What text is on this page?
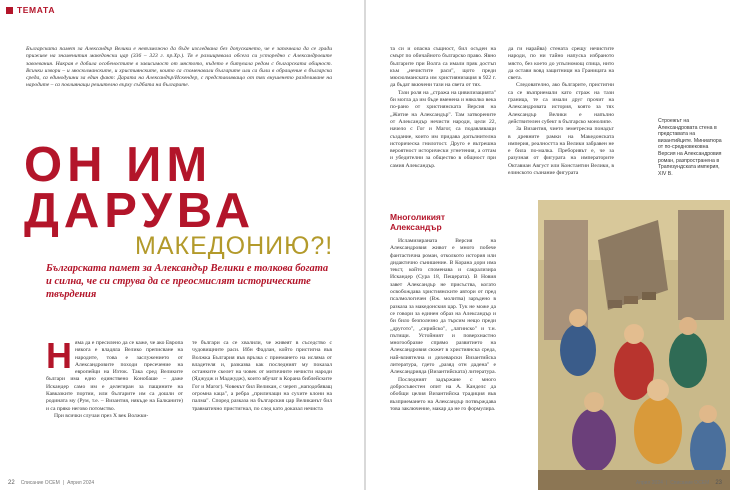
ТЕМАТА

Българската памет за Александър Велики е невъзможно да бъде изследвана без допускането, че е започнала да се гради приживе на знаменития македонски цар (336 – 323 г. пр.Хр.). Тя е разширявала обсега си усторедно с Александровите завоевания. Накрая е добила особеностите в зависимост от мястото, където е битувала редом с българската общност. Всички извори – и мюсюлманските, и християнските, които са споменавали българите или са били в обращение в българска среда, са единодушни за един факт: Дарата на Александър/Искендер, с представляващо от тях внушенето разделиване на народите – са повлиянащи решително върху съдбата на българите.

ОН ИМ
ДАРУВА
МАКЕДОНИЮ?!

Българската памет за Александър Велики е толкова богата и силна, че си струва да се преосмислят историческите твърдения

Н яма да е пресилено да се каже, че ако Европа някога е владяла Велико преписване на народите, това е заслужението от Александровите походи пресечение на европейци на Изток. Така сред Великите българи има едно единствено Конобаше – даже Искандер само им е делегиран за пащините на Кавказките портии, или българите им са дошли от родината му (Рум, т.е. – Византия, някъде на Балканите) и са пряко негово потомство.
При всички случаи през Х век Волжки-
те българи са се хвалили, че живеят в съседство с чудовищните раси. Ибн Фадлан, който пристигна във Волжка България във връзка с приемането на исляма от владетеля и, разказва как последният му показал останките скелет на човек от митичните нечисти народи (Яджудж и Маджудж), които вбучат в Корана библейските Гог и Магог). Човекът бил Великан, с череп „наподобяващ огромна каца", а ребра „приличащи на сухите клони на палма". Според разказа на българския цар Великанът бил травматично пристигнал, по след като доказал нечиста
22 Списание ОСЕМ | Април 2024
та си и опасна същност, бил осъден на смърт по обичайното българско право. Явно българите при Волга са имали пряк достъп към „нечистите раси", щото преди мюсюлманската им християнизация в 922 г. да бъдат вкючени тази на света от тях.
Тази роля на „стража на цивилизацията" би могла да им бъде вменена и няколко века по-рано от християнската Версия на „Житие на Александър". Там затворените от Александър нечисти народи, цели 22, начело с Гог и Магог, са подавляващи създание, които им придава допълнителна историческа гнилотост. Друго е вътрешна вероятност исторически угнетения, а оттам и убедителни за общество в общност при самия Александър.
да ги нарайва) стената срещу нечистите народи, по ни тайно напуска избраното място, без което до упълномощ спица, нито да остави вовд защитници на Границата на света.
Следователно, ако българите, пристигни са се възприемали като страж на тази граница, те са имали друг прочит на Александровата история, която за тях Александър Велики е напълно действителен субект в българско монолипе.
За Византия, чието земетресна понадът в древните рамки на Македонската империя, реалността на Велики забравен не е била по-малка. Преборивът е, че за разузная от фигурата на императорите Октавиан Август или Константин Велики, в елинското съзнание фигурата
Многоликият Александър
Исламизираната Версия на Александровия живот е много побече фантастична роман, отколкото история или дидактично сънишение. В Корана дори има текст, който споменава и сакрализира Искандер (Сура 18, Пещерата). В Новия завет Александър не присъства, когато освобождава християнските автори от пред псалмологичен (Вж. молитва) заръдено в разказа за македонския цар. Тук не може да се говори за единен образ на Александър и би било безполезно да търсим нещо преди „другото", „сирийско", „латинско" и т.н. пътищи. Устойният и поверхнастно многообразие спрямо развитието на Александровия сюжет в християнска среда, най-влиятелна и дихеварски Византийска литература, гдето „разяд отн дадена" е Александрияда (Византийската) литература.
Последният задържане с много добросъвестен опит на А. Канделс да обобщи целия Византийска традиция във възприемането на Александър потвърждава това заключение, макар да не го формулира.

Строежът на Александровата стена в представата на византийците. Миниатюра от по-средновековна Версия на Александровия роман, разпространена в Трапезундската империя, XIV В.

Април 2024 | Списание ОСЕМ 23
